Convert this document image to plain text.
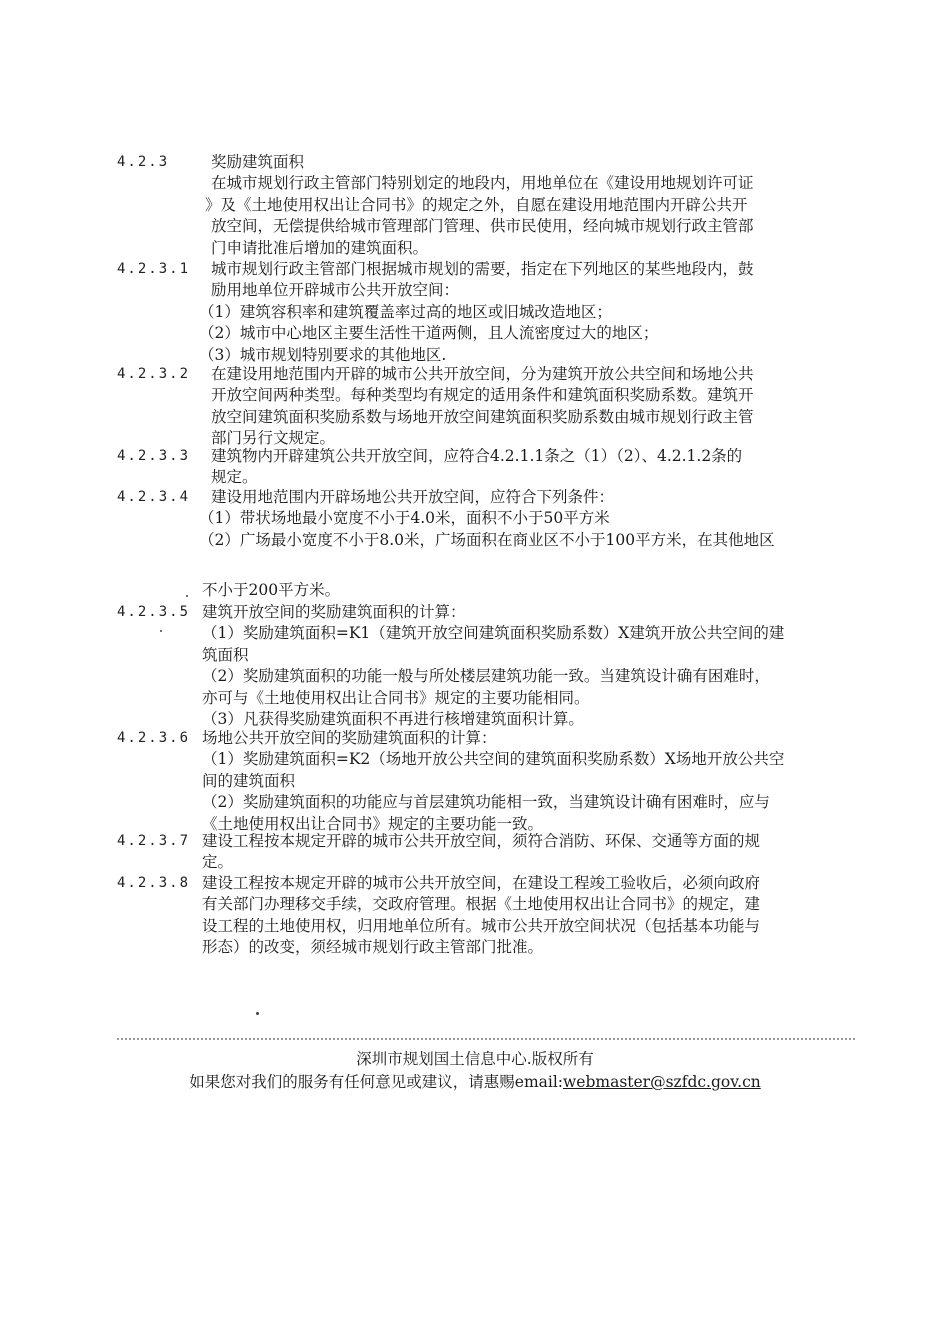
4.2.3	奖励建筑面积
在城市规划行政主管部门特别划定的地段内，用地单位在《建设用地规划许可证
》及《土地使用权出让合同书》的规定之外，自愿在建设用地范围内开辟公共开
放空间，无偿提供给城市管理部门管理、供市民使用，经向城市规划行政主管部
门申请批准后增加的建筑面积。
4.2.3.1 城市规划行政主管部门根据城市规划的需要，指定在下列地区的某些地段内，鼓
励用地单位开辟城市公共开放空间：
（1）建筑容积率和建筑覆盖率过高的地区或旧城改造地区；
（2）城市中心地区主要生活性干道两侧，且人流密度过大的地区；
（3）城市规划特别要求的其他地区.
4.2.3.2 在建设用地范围内开辟的城市公共开放空间，分为建筑开放公共空间和场地公共
开放空间两种类型。每种类型均有规定的适用条件和建筑面积奖励系数。建筑开
放空间建筑面积奖励系数与场地开放空间建筑面积奖励系数由城市规划行政主管
部门另行文规定。
4.2.3.3 建筑物内开辟建筑公共开放空间，应符合4.2.1.1条之（1）（2）、4.2.1.2条的
规定。
4.2.3.4 建设用地范围内开辟场地公共开放空间，应符合下列条件：
（1）带状场地最小宽度不小于4.0米，面积不小于50平方米
（2）广场最小宽度不小于8.0米，广场面积在商业区不小于100平方米，在其他地区
不小于200平方米。
4.2.3.5 建筑开放空间的奖励建筑面积的计算：
（1）奖励建筑面积=K1（建筑开放空间建筑面积奖励系数）X建筑开放公共空间的建
筑面积
（2）奖励建筑面积的功能一般与所处楼层建筑功能一致。当建筑设计确有困难时，
亦可与《土地使用权出让合同书》规定的主要功能相同。
（3）凡获得奖励建筑面积不再进行核增建筑面积计算。
4.2.3.6 场地公共开放空间的奖励建筑面积的计算：
（1）奖励建筑面积=K2（场地开放公共空间的建筑面积奖励系数）X场地开放公共空
间的建筑面积
（2）奖励建筑面积的功能应与首层建筑功能相一致，当建筑设计确有困难时，应与
《土地使用权出让合同书》规定的主要功能一致。
4.2.3.7 建设工程按本规定开辟的城市公共开放空间，须符合消防、环保、交通等方面的规
定。
4.2.3.8 建设工程按本规定开辟的城市公共开放空间，在建设工程竣工验收后，必须向政府
有关部门办理移交手续，交政府管理。根据《土地使用权出让合同书》的规定，建
设工程的土地使用权，归用地单位所有。城市公共开放空间状况（包括基本功能与
形态）的改变，须经城市规划行政主管部门批准。
深圳市规划国土信息中心.版权所有
如果您对我们的服务有任何意见或建议，请惠赐email:webmaster@szfdc.gov.cn
